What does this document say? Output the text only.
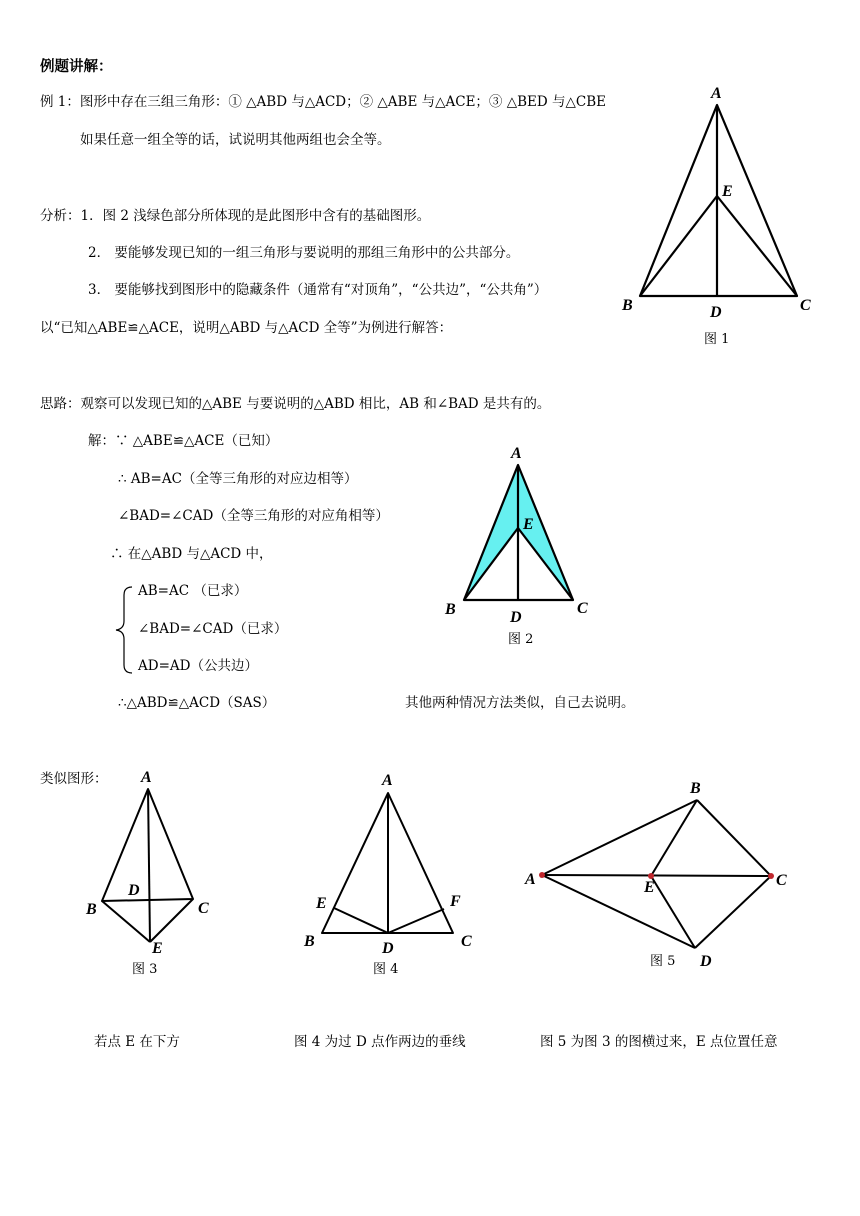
例题讲解：
例 1：图形中存在三组三角形：① △ABD 与△ACD；② △ABE 与△ACE；③ △BED 与△CBE
如果任意一组全等的话，试说明其他两组也会全等。
分析：1．图 2 浅绿色部分所体现的是此图形中含有的基础图形。
2． 要能够发现已知的一组三角形与要说明的那组三角形中的公共部分。
3． 要能够找到图形中的隐藏条件（通常有“对顶角”，“公共边”，“公共角”）
以“已知△ABE≌△ACE，说明△ABD 与△ACD 全等”为例进行解答：
思路：观察可以发现已知的△ABE 与要说明的△ABD 相比，AB 和∠BAD 是共有的。
解：∵ △ABE≌△ACE（已知）
∴ AB=AC（全等三角形的对应边相等）
∠BAD=∠CAD（全等三角形的对应角相等）
∴ 在△ABD 与△ACD 中，
AB=AC （已求）
∠BAD=∠CAD（已求）
AD=AD（公共边）
∴△ABD≌△ACD（SAS）	其他两种情况方法类似，自己去说明。
A
E
B	D	C
图 1
A
E
B	D
C
图 2
类似图形： A
D
B	C
E
图 3
A
E	F
B	D	C
图 4
B
A	E	C
D
图 5
若点 E 在下方	图 4 为过 D 点作两边的垂线	图 5 为图 3 的图横过来，E 点位置任意
